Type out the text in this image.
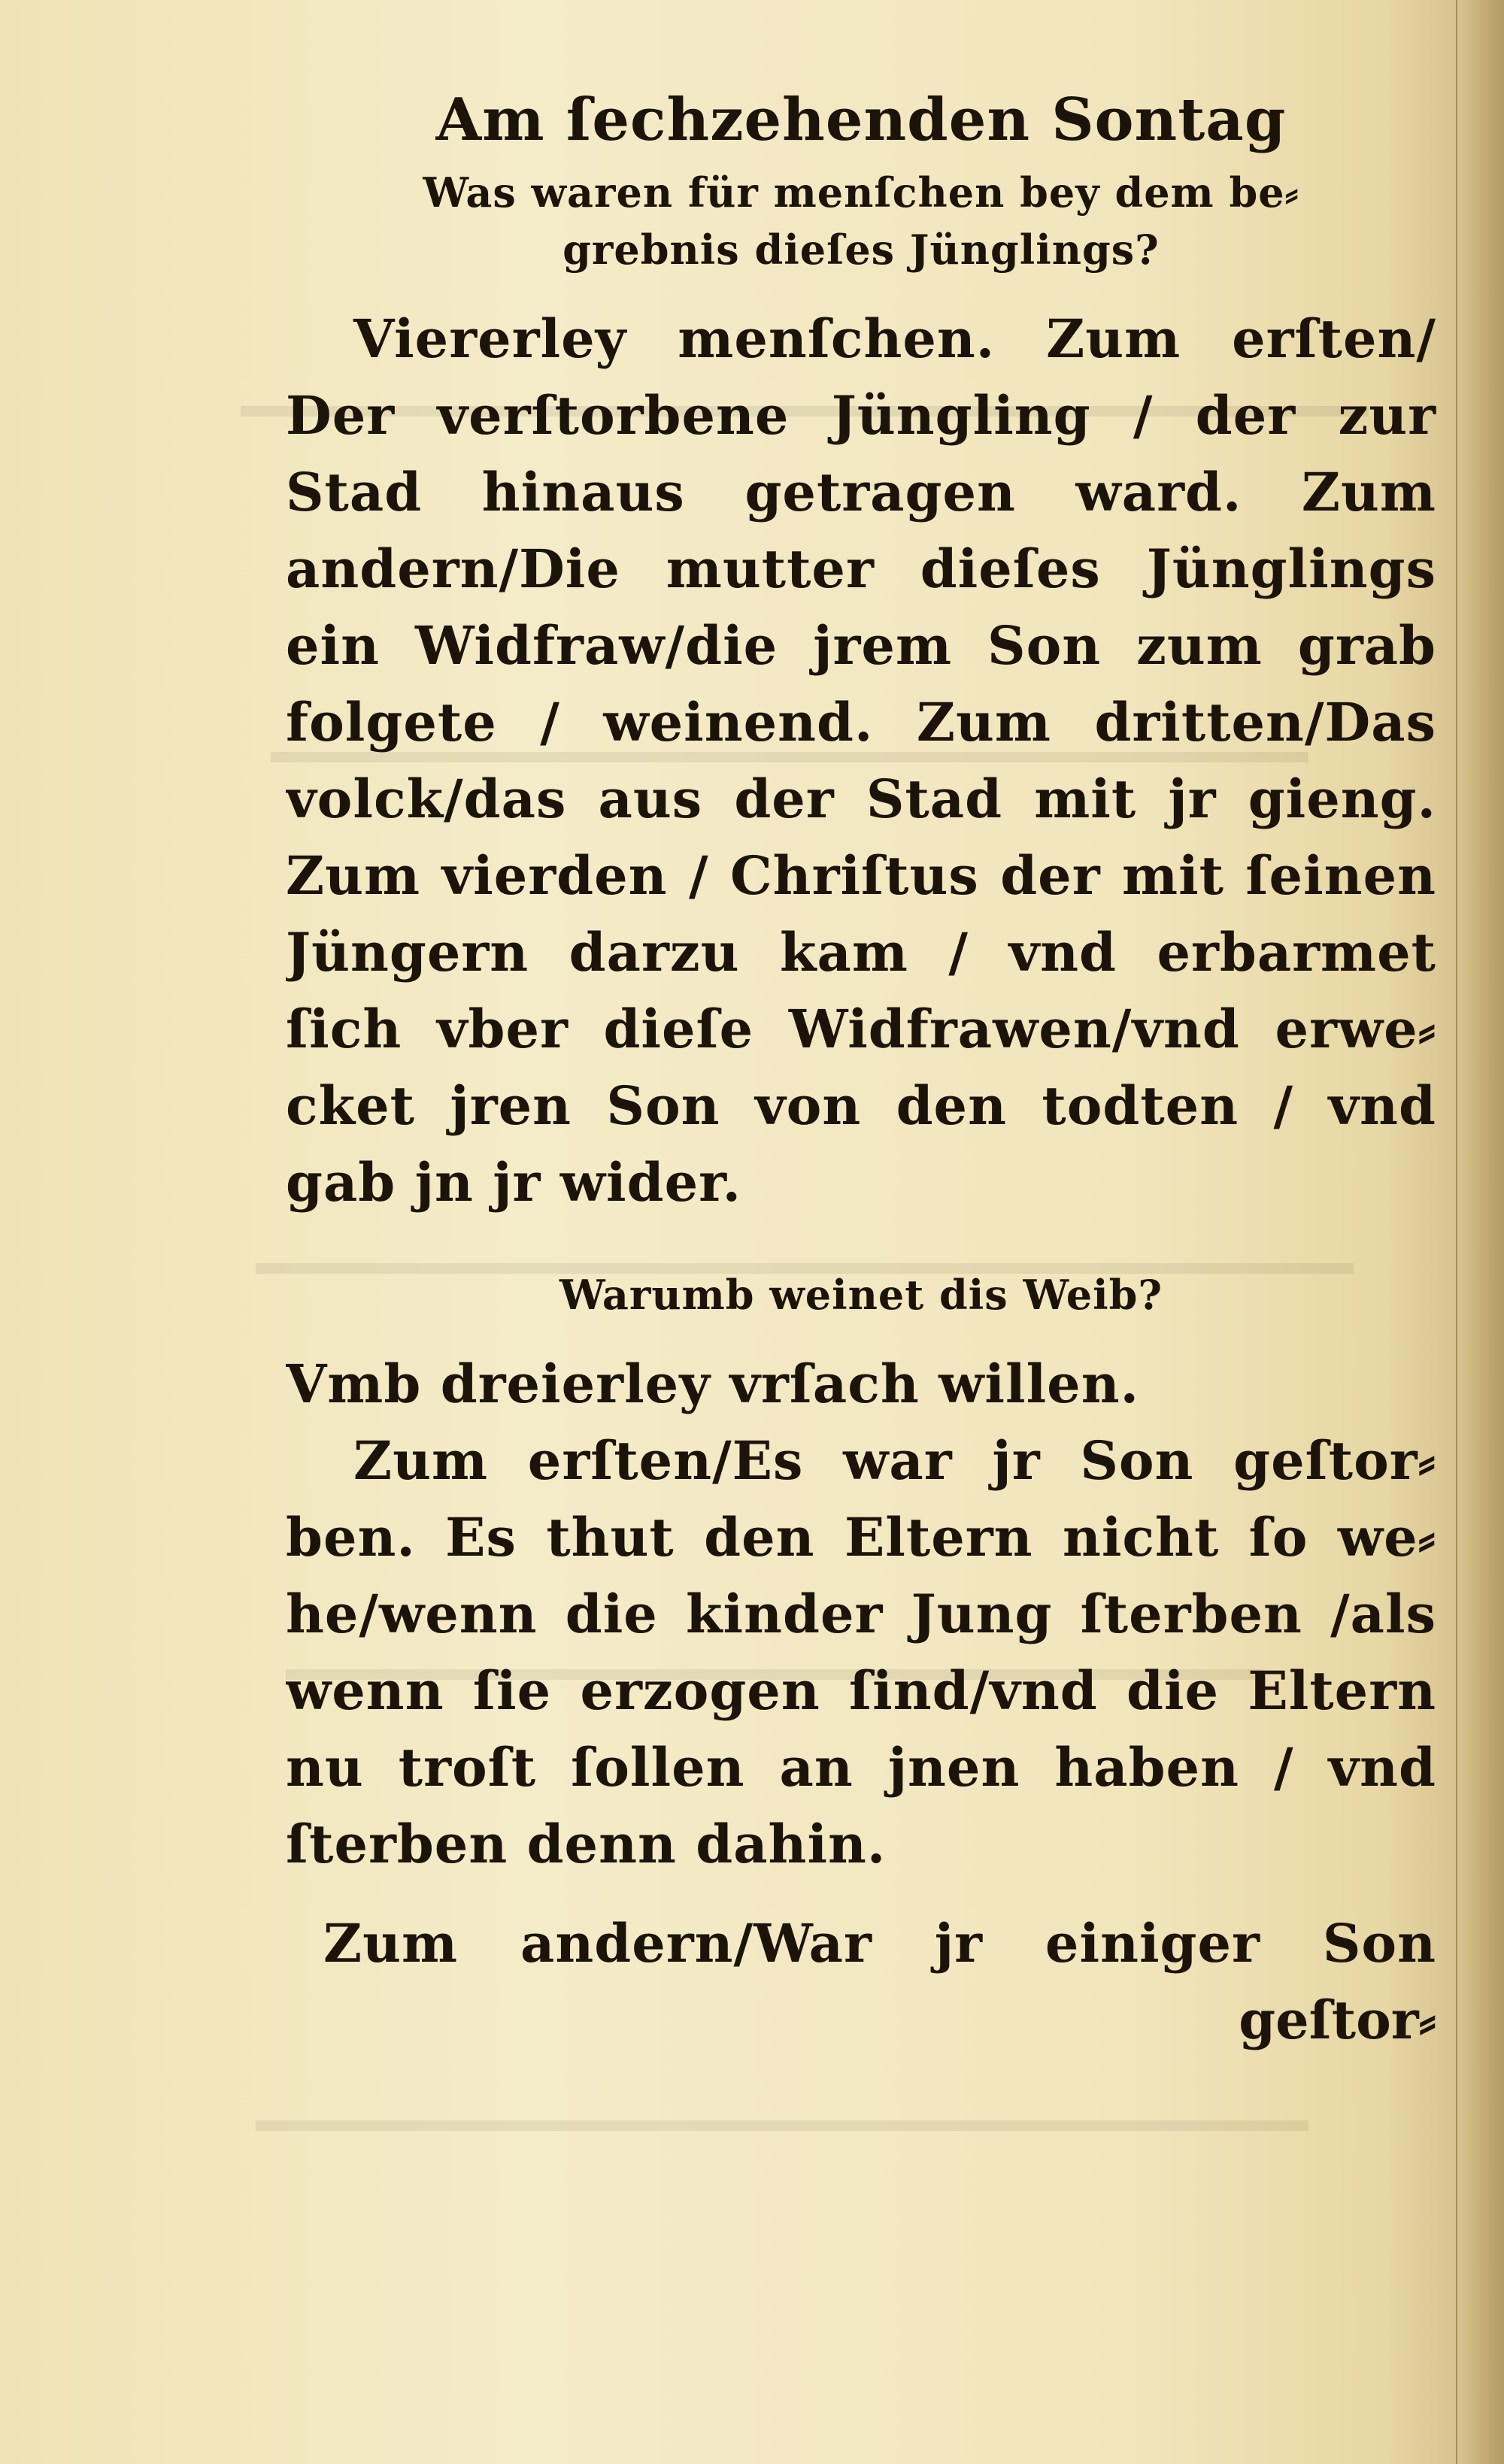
Am ſechzehenden Sontag
Was waren für menſchen bey dem be⸗
grebnis dieſes Jünglings?
Viererley menſchen. Zum erſten/
Der verſtorbene Jüngling / der zur
Stad hinaus getragen ward. Zum
andern/Die mutter dieſes Jünglings
ein Widfraw/die jrem Son zum grab
folgete / weinend. Zum dritten/Das
volck/das aus der Stad mit jr gieng.
Zum vierden / Chriſtus der mit ſeinen
Jüngern darzu kam / vnd erbarmet
ſich vber dieſe Widfrawen/vnd erwe⸗
cket jren Son von den todten / vnd
gab jn jr wider.
Warumb weinet dis Weib?
Vmb dreierley vrſach willen.
Zum erſten/Es war jr Son geſtor⸗
ben. Es thut den Eltern nicht ſo we⸗
he/wenn die kinder Jung ſterben /als
wenn ſie erzogen ſind/vnd die Eltern
nu troſt ſollen an jnen haben / vnd
ſterben denn dahin.
Zum andern/War jr einiger Son
geſtor⸗
